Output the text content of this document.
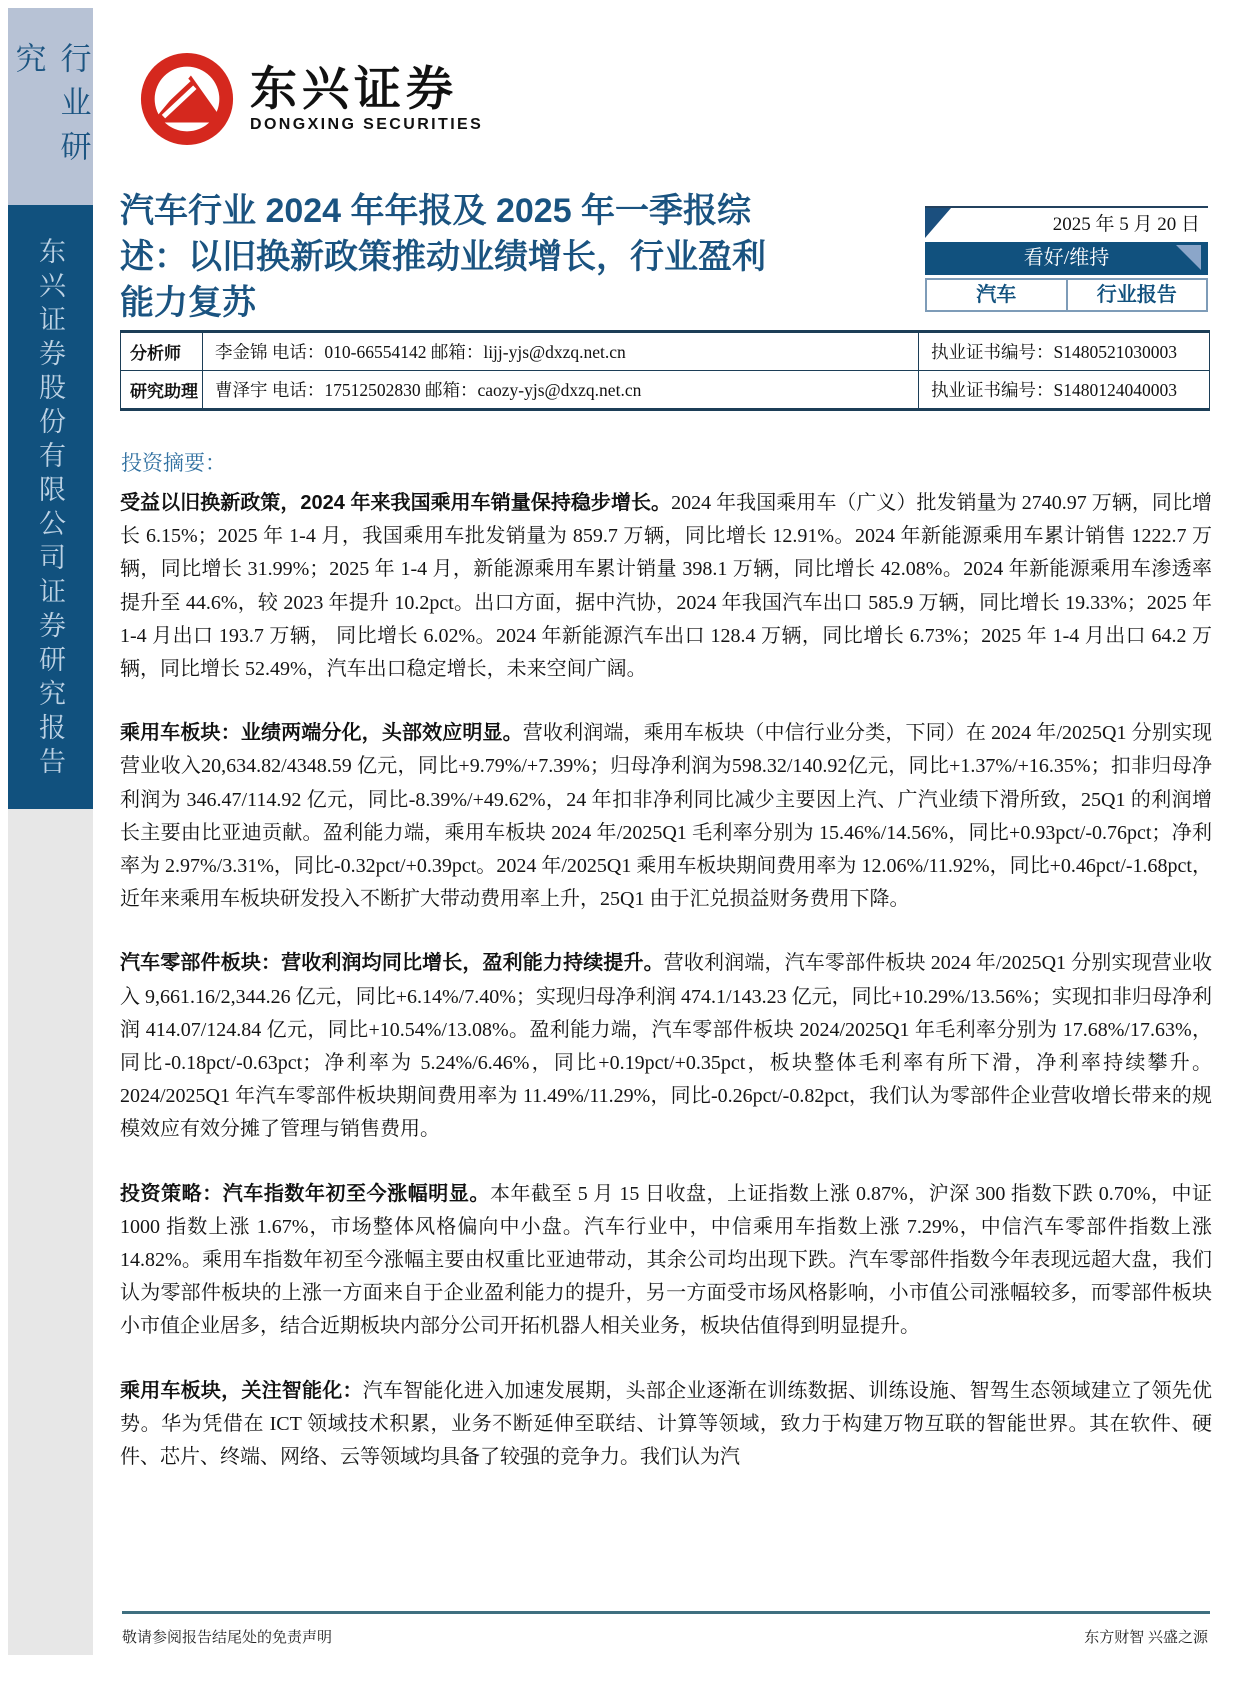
行业研究
东兴证券股份有限公司证券研究报告
东兴证券
DONGXING SECURITIES
汽车行业 2024 年年报及 2025 年一季报综述：以旧换新政策推动业绩增长，行业盈利能力复苏
2025 年 5 月 20 日
看好/维持
汽车	行业报告
分析师	李金锦 电话：010-66554142 邮箱：lijj-yjs@dxzq.net.cn	执业证书编号：S1480521030003
研究助理 曹泽宇 电话：17512502830 邮箱：caozy-yjs@dxzq.net.cn	执业证书编号：S1480124040003
投资摘要：

受益以旧换新政策，2024 年来我国乘用车销量保持稳步增长。2024 年我国乘用车（广义）批发销量为 2740.97 万辆，同比增长 6.15%；2025 年 1-4 月，我国乘用车批发销量为 859.7 万辆，同比增长 12.91%。2024 年新能源乘用车累计销售 1222.7 万辆，同比增长 31.99%；2025 年 1-4 月，新能源乘用车累计销量 398.1 万辆，同比增长 42.08%。2024 年新能源乘用车渗透率提升至 44.6%，较 2023 年提升 10.2pct。出口方面，据中汽协，2024 年我国汽车出口 585.9 万辆，同比增长 19.33%；2025 年 1-4 月出口 193.7 万辆， 同比增长 6.02%。2024 年新能源汽车出口 128.4 万辆，同比增长 6.73%；2025 年 1-4 月出口 64.2 万辆，同比增长 52.49%，汽车出口稳定增长，未来空间广阔。

乘用车板块：业绩两端分化，头部效应明显。营收利润端，乘用车板块（中信行业分类，下同）在 2024 年/2025Q1 分别实现营业收入20,634.82/4348.59 亿元，同比+9.79%/+7.39%；归母净利润为598.32/140.92亿元，同比+1.37%/+16.35%；扣非归母净利润为 346.47/114.92 亿元，同比-8.39%/+49.62%，24 年扣非净利同比减少主要因上汽、广汽业绩下滑所致，25Q1 的利润增长主要由比亚迪贡献。盈利能力端，乘用车板块 2024 年/2025Q1 毛利率分别为 15.46%/14.56%，同比+0.93pct/-0.76pct；净利率为 2.97%/3.31%，同比-0.32pct/+0.39pct。2024 年/2025Q1 乘用车板块期间费用率为 12.06%/11.92%，同比+0.46pct/-1.68pct，近年来乘用车板块研发投入不断扩大带动费用率上升，25Q1 由于汇兑损益财务费用下降。

汽车零部件板块：营收利润均同比增长，盈利能力持续提升。营收利润端，汽车零部件板块 2024 年/2025Q1 分别实现营业收入 9,661.16/2,344.26 亿元，同比+6.14%/7.40%；实现归母净利润 474.1/143.23 亿元，同比+10.29%/13.56%；实现扣非归母净利润 414.07/124.84 亿元，同比+10.54%/13.08%。盈利能力端，汽车零部件板块 2024/2025Q1 年毛利率分别为 17.68%/17.63%，同比-0.18pct/-0.63pct；净利率为 5.24%/6.46%，同比+0.19pct/+0.35pct，板块整体毛利率有所下滑，净利率持续攀升。2024/2025Q1 年汽车零部件板块期间费用率为 11.49%/11.29%，同比-0.26pct/-0.82pct，我们认为零部件企业营收增长带来的规模效应有效分摊了管理与销售费用。

投资策略：汽车指数年初至今涨幅明显。本年截至 5 月 15 日收盘，上证指数上涨 0.87%，沪深 300 指数下跌 0.70%，中证 1000 指数上涨 1.67%，市场整体风格偏向中小盘。汽车行业中，中信乘用车指数上涨 7.29%，中信汽车零部件指数上涨 14.82%。乘用车指数年初至今涨幅主要由权重比亚迪带动，其余公司均出现下跌。汽车零部件指数今年表现远超大盘，我们认为零部件板块的上涨一方面来自于企业盈利能力的提升，另一方面受市场风格影响，小市值公司涨幅较多，而零部件板块小市值企业居多，结合近期板块内部分公司开拓机器人相关业务，板块估值得到明显提升。

乘用车板块，关注智能化：汽车智能化进入加速发展期，头部企业逐渐在训练数据、训练设施、智驾生态领域建立了领先优势。华为凭借在 ICT 领域技术积累，业务不断延伸至联结、计算等领域，致力于构建万物互联的智能世界。其在软件、硬件、芯片、终端、网络、云等领域均具备了较强的竞争力。我们认为汽

敬请参阅报告结尾处的免责声明	东方财智 兴盛之源
